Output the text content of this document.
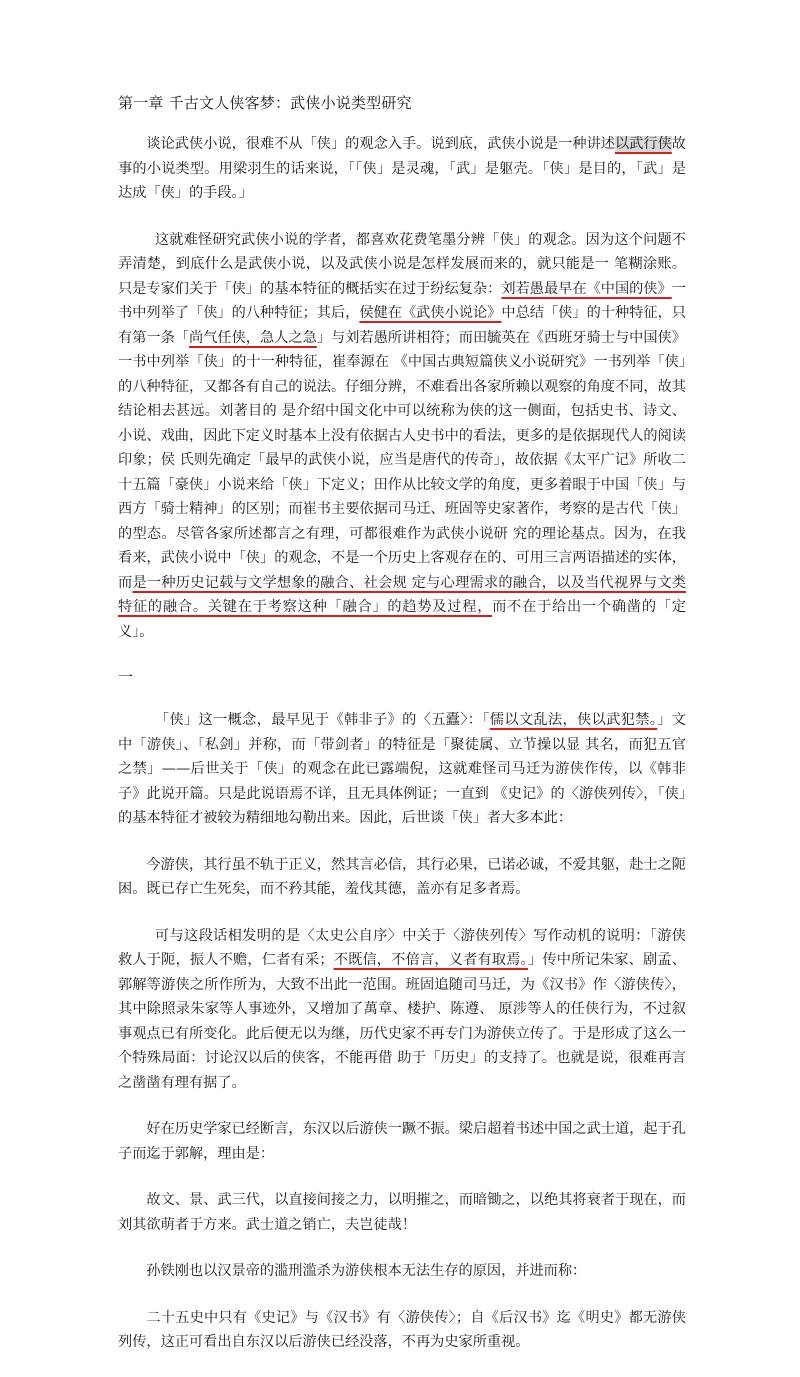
第一章 千古文人侠客梦：武侠小说类型研究

谈论武侠小说，很难不从「侠」的观念入手。说到底，武侠小说是一种讲述以武行侠故事的小说类型。用梁羽生的话来说，「「侠」是灵魂，「武」是躯壳。「侠」是目的，「武」是达成「侠」的手段。」

这就难怪研究武侠小说的学者，都喜欢花费笔墨分辨「侠」的观念。因为这个问题不弄清楚，到底什么是武侠小说，以及武侠小说是怎样发展而来的，就只能是一 笔糊涂账。只是专家们关于「侠」的基本特征的概括实在过于纷纭复杂：刘若愚最早在《中国的侠》一书中列举了「侠」的八种特征；其后，侯健在《武侠小说论》中总结「侠」的十种特征，只有第一条「尚气任侠，急人之急」与刘若愚所讲相符；而田毓英在《西班牙骑士与中国侠》一书中列举「侠」的十一种特征，崔奉源在 《中国古典短篇侠义小说研究》一书列举「侠」的八种特征，又都各有自己的说法。仔细分辨，不难看出各家所赖以观察的角度不同，故其结论相去甚远。刘著目的 是介绍中国文化中可以统称为侠的这一侧面，包括史书、诗文、小说、戏曲，因此下定义时基本上没有依据古人史书中的看法，更多的是依据现代人的阅读印象；侯 氏则先确定「最早的武侠小说，应当是唐代的传奇」，故依据《太平广记》所收二十五篇「豪侠」小说来给「侠」下定义；田作从比较文学的角度，更多着眼于中国「侠」与西方「骑士精神」的区别；而崔书主要依据司马迁、班固等史家著作，考察的是古代「侠」的型态。尽管各家所述都言之有理，可都很难作为武侠小说研 究的理论基点。因为，在我看来，武侠小说中「侠」的观念，不是一个历史上客观存在的、可用三言两语描述的实体，而是一种历史记载与文学想象的融合、社会规 定与心理需求的融合，以及当代视界与文类特征的融合。关键在于考察这种「融合」的趋势及过程，而不在于给出一个确凿的「定义」。

一

「侠」这一概念，最早见于《韩非子》的〈五蠹〉：「儒以文乱法，侠以武犯禁。」文中「游侠」、「私剑」并称，而「带剑者」的特征是「聚徒属、立节操以显 其名，而犯五官之禁」——后世关于「侠」的观念在此已露端倪，这就难怪司马迁为游侠作传，以《韩非子》此说开篇。只是此说语焉不详，且无具体例证；一直到 《史记》的〈游侠列传〉，「侠」的基本特征才被较为精细地勾勒出来。因此，后世谈「侠」者大多本此：

今游侠，其行虽不轨于正义，然其言必信，其行必果，已诺必诚，不爱其躯，赴士之阨困。既已存亡生死矣，而不矜其能，羞伐其德，盖亦有足多者焉。

可与这段话相发明的是〈太史公自序〉中关于〈游侠列传〉写作动机的说明：「游侠救人于阨，振人不赡，仁者有采；不既信，不倍言，义者有取焉。」传中所记朱家、剧孟、郭解等游侠之所作所为，大致不出此一范围。班固追随司马迁，为《汉书》作〈游侠传〉，其中除照录朱家等人事迹外，又增加了萬章、楼护、陈遵、 原涉等人的任侠行为，不过叙事观点已有所变化。此后便无以为继，历代史家不再专门为游侠立传了。于是形成了这么一个特殊局面：讨论汉以后的侠客，不能再借 助于「历史」的支持了。也就是说，很难再言之凿凿有理有据了。

好在历史学家已经断言，东汉以后游侠一蹶不振。梁启超着书述中国之武士道，起于孔子而迄于郭解，理由是：

故文、景、武三代，以直接间接之力，以明摧之，而暗锄之，以绝其将衰者于现在，而刘其欲萌者于方来。武士道之销亡，夫岂徒哉！

孙铁刚也以汉景帝的滥刑滥杀为游侠根本无法生存的原因，并进而称：

二十五史中只有《史记》与《汉书》有〈游侠传〉；自《后汉书》迄《明史》都无游侠列传，这正可看出自东汉以后游侠已经没落，不再为史家所重视。
